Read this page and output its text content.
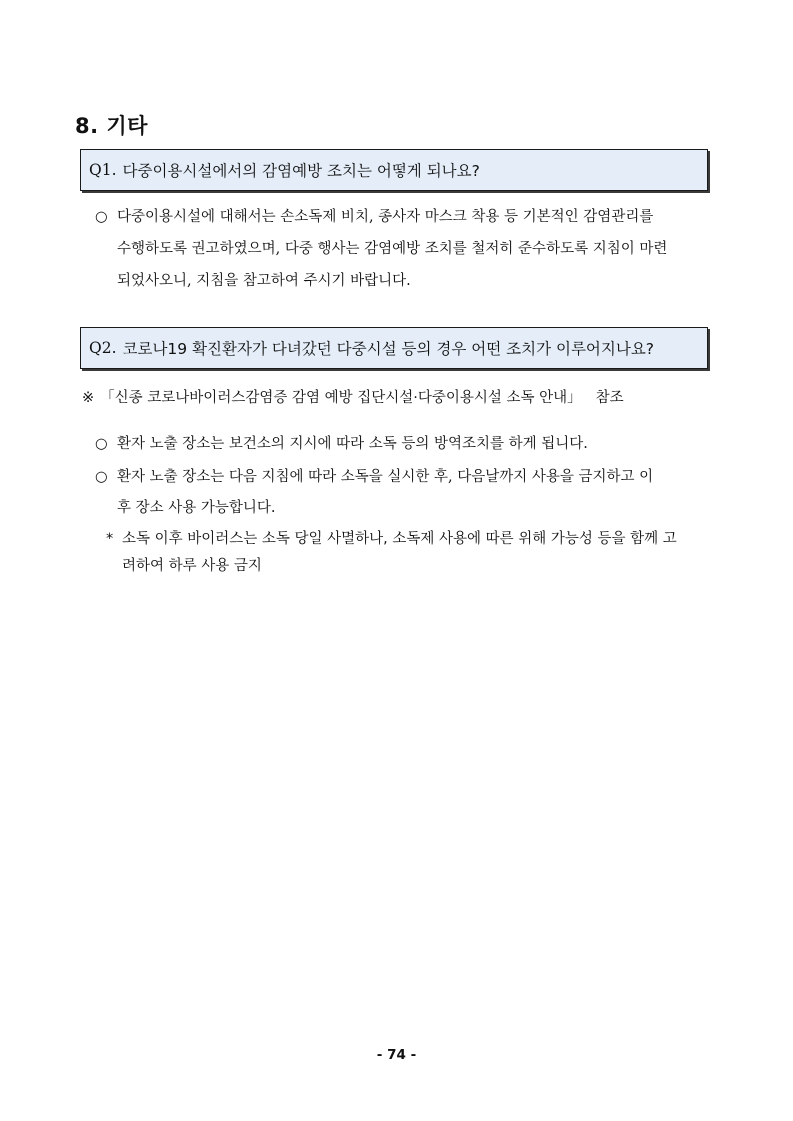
8. 기타
Q1. 다중이용시설에서의 감염예방 조치는 어떻게 되나요?
○ 다중이용시설에 대해서는 손소독제 비치, 종사자 마스크 착용 등 기본적인 감염관리를
수행하도록 권고하였으며, 다중 행사는 감염예방 조치를 철저히 준수하도록 지침이 마련
되었사오니, 지침을 참고하여 주시기 바랍니다.
Q2. 코로나19 확진환자가 다녀갔던 다중시설 등의 경우 어떤 조치가 이루어지나요?
※ 「신종 코로나바이러스감염증 감염 예방 집단시설·다중이용시설 소독 안내」 참조
○ 환자 노출 장소는 보건소의 지시에 따라 소독 등의 방역조치를 하게 됩니다.
○ 환자 노출 장소는 다음 지침에 따라 소독을 실시한 후, 다음날까지 사용을 금지하고 이
후 장소 사용 가능합니다.
* 소독 이후 바이러스는 소독 당일 사멸하나, 소독제 사용에 따른 위해 가능성 등을 함께 고
려하여 하루 사용 금지
- 74 -
